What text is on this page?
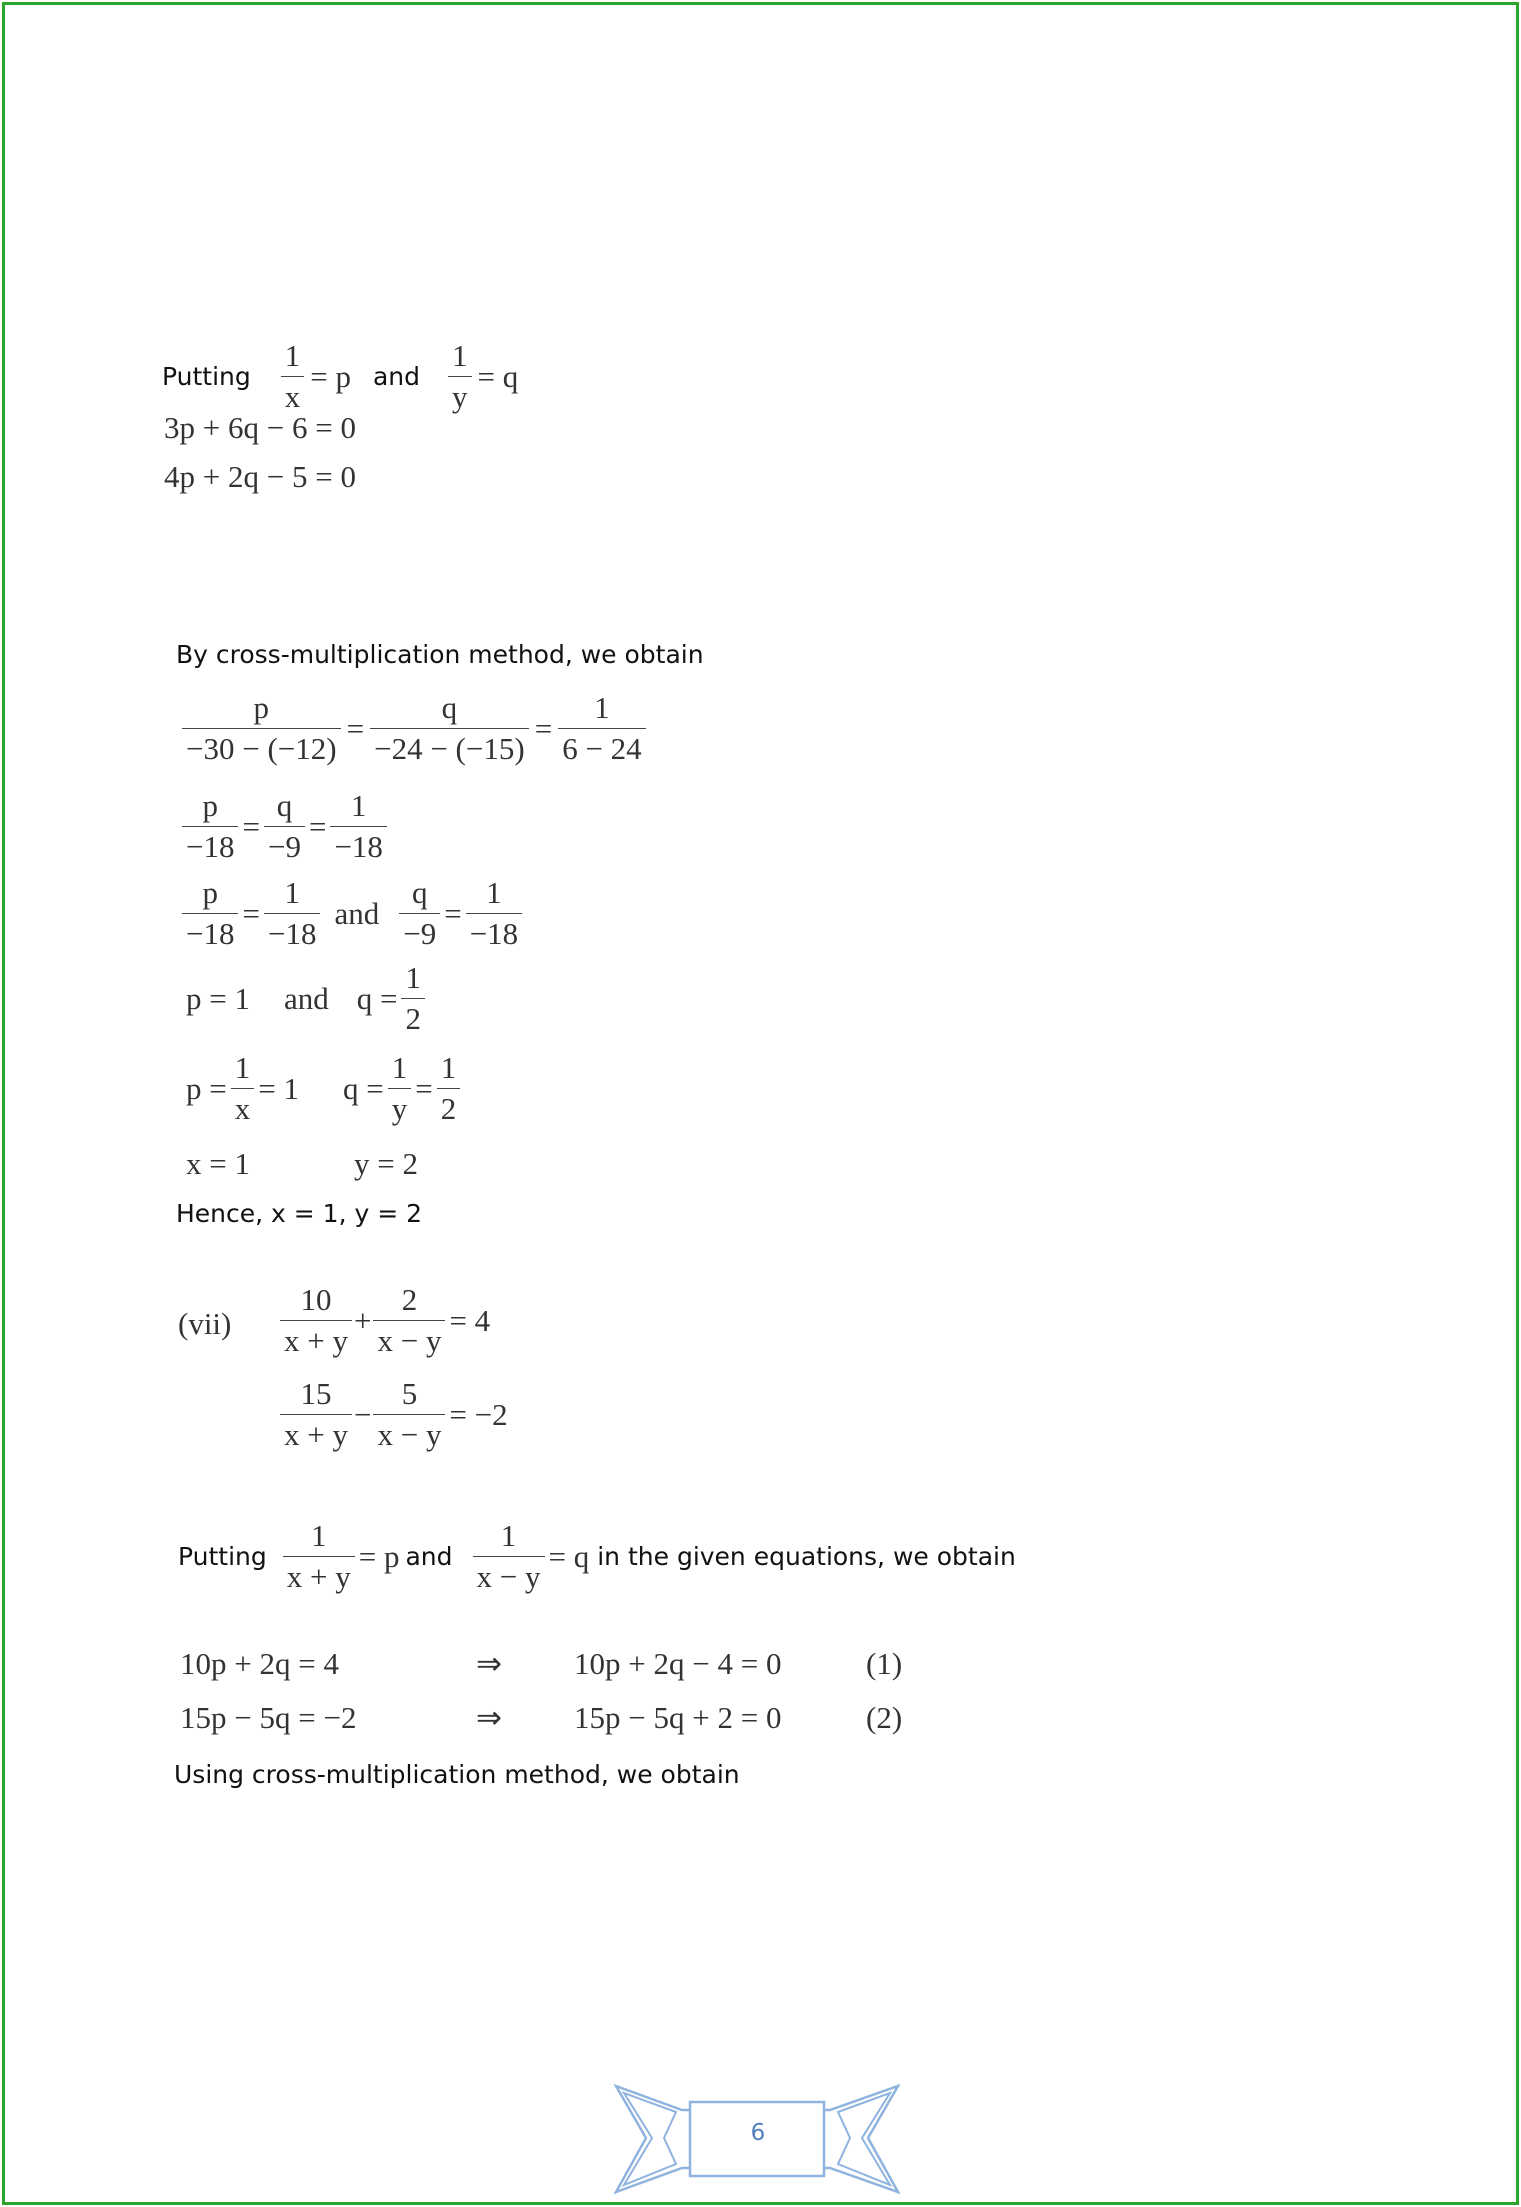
Putting $\frac{1}{x} = p$ and $\frac{1}{y} = q$
3p + 6q − 6 = 0
4p + 2q − 5 = 0
By cross-multiplication method, we obtain
$\frac{p}{-30 - (-12)} = \frac{q}{-24 - (-15)} = \frac{1}{6 - 24}$
$\frac{p}{-18} = \frac{q}{-9} = \frac{1}{-18}$
$\frac{p}{-18} = \frac{1}{-18}$ and $\frac{q}{-9} = \frac{1}{-18}$
p = 1 and $q = \frac{1}{2}$
$p = \frac{1}{x} = 1$ $q = \frac{1}{y} = \frac{1}{2}$
x = 1	y = 2
Hence, x = 1, y = 2
$(vii) \frac{10}{x + y} + \frac{2}{x - y} = 4$
$\frac{15}{x + y} - \frac{5}{x - y} = -2$
Putting $\frac{1}{x + y} = p$ and $\frac{1}{x - y} = q$ in the given equations, we obtain
10p + 2q = 4	⇒ 10p + 2q − 4 = 0	(1)
15p − 5q = −2	⇒ 15p − 5q + 2 = 0	(2)
Using cross-multiplication method, we obtain
6
